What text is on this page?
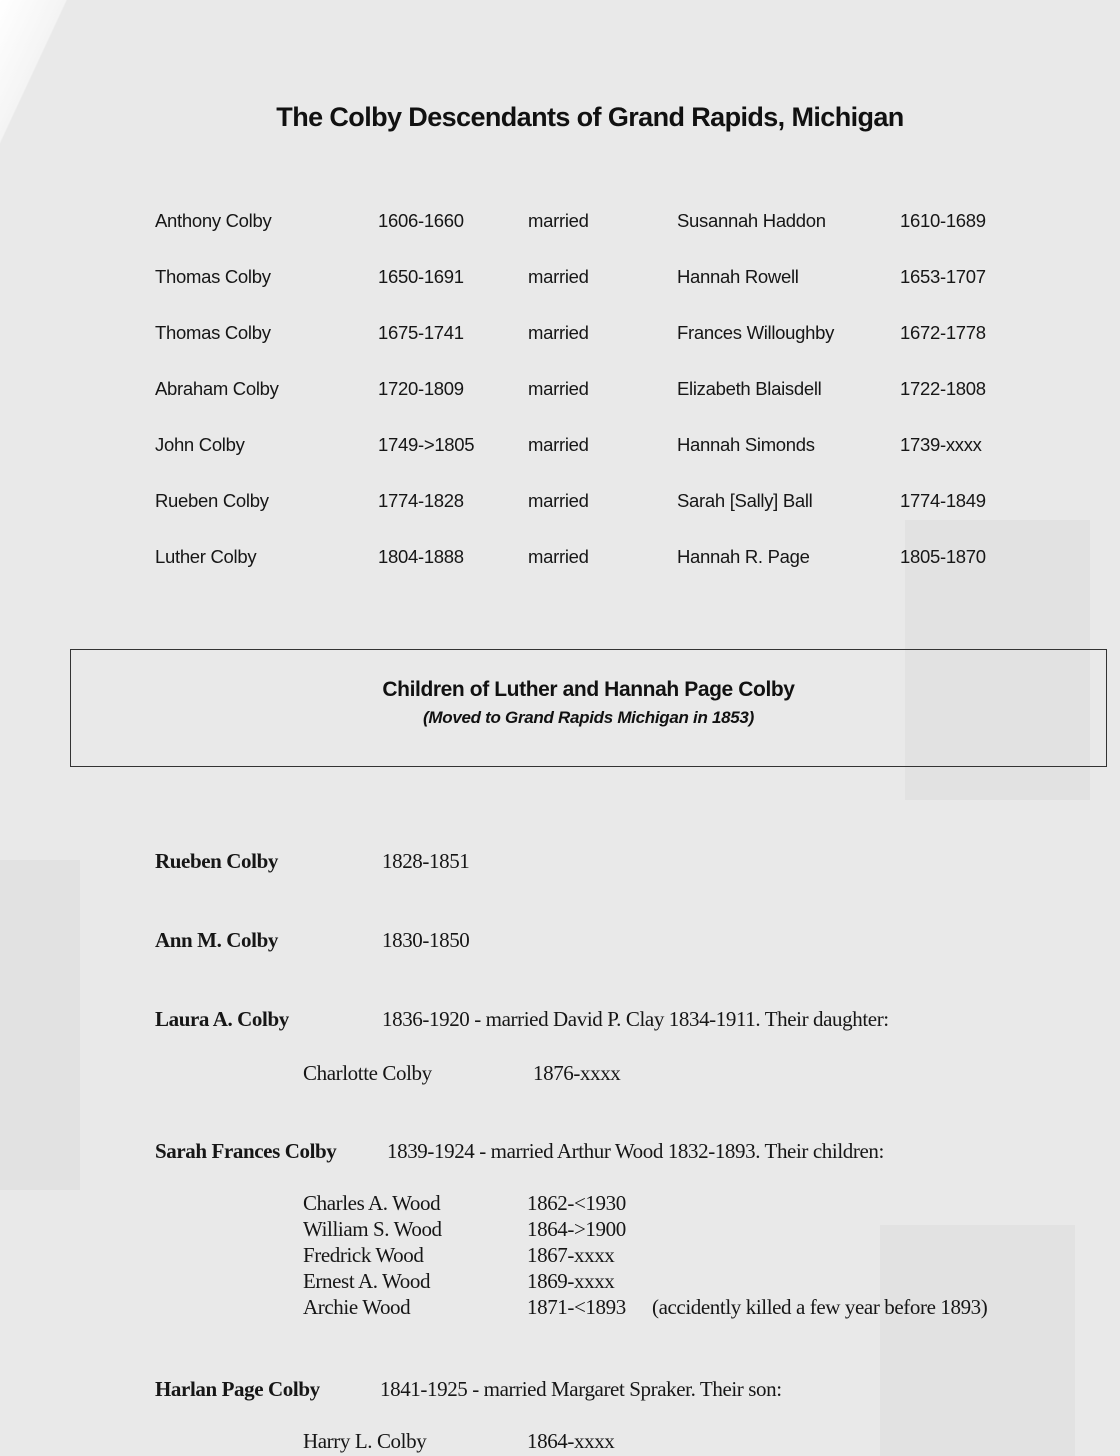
The Colby Descendants of Grand Rapids, Michigan
Anthony Colby	1606-1660	married	Susannah Haddon	1610-1689
Thomas Colby	1650-1691	married	Hannah Rowell	1653-1707
Thomas Colby	1675-1741	married	Frances Willoughby	1672-1778
Abraham Colby	1720-1809	married	Elizabeth Blaisdell	1722-1808
John Colby	1749->1805	married	Hannah Simonds	1739-xxxx
Rueben Colby	1774-1828	married	Sarah [Sally] Ball	1774-1849
Luther Colby	1804-1888	married	Hannah R. Page	1805-1870
Children of Luther and Hannah Page Colby
(Moved to Grand Rapids Michigan in 1853)
Rueben Colby	1828-1851
Ann M. Colby	1830-1850
Laura A. Colby	1836-1920 - married David P. Clay 1834-1911. Their daughter:
Charlotte Colby	1876-xxxx
Sarah Frances Colby 1839-1924 - married Arthur Wood 1832-1893. Their children:
Charles A. Wood	1862-<1930
William S. Wood	1864->1900
Fredrick Wood	1867-xxxx
Ernest A. Wood	1869-xxxx
Archie Wood	1871-<1893 (accidently killed a few year before 1893)
Harlan Page Colby	1841-1925 - married Margaret Spraker. Their son:
Harry L. Colby	1864-xxxx
